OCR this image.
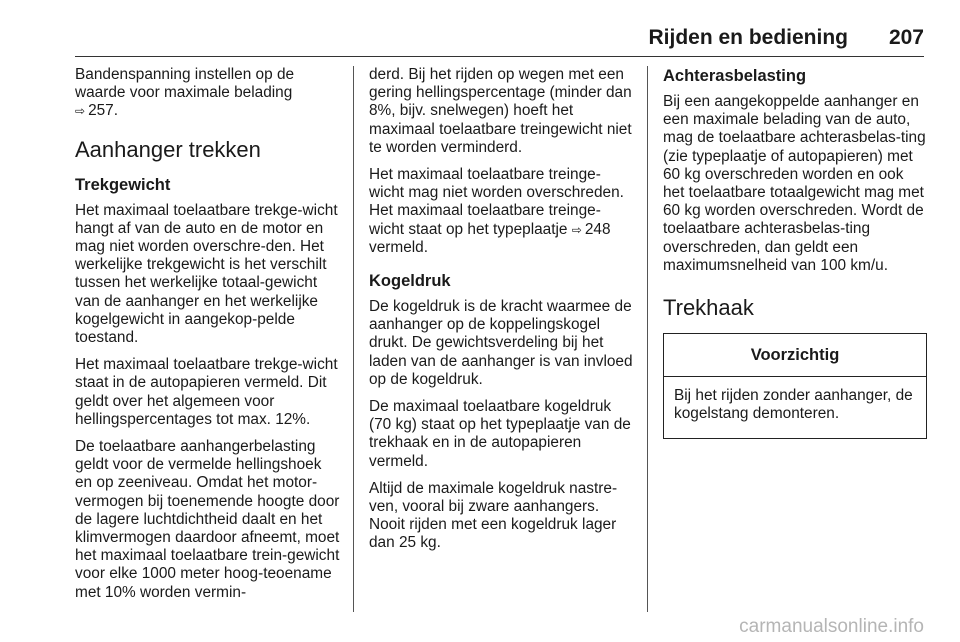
Rijden en bediening 207

Bandenspanning instellen op de
waarde voor maximale belading
⇨ 257.

Aanhanger trekken
Trekgewicht

Het maximaal toelaatbare trekge-wicht hangt af van de auto en de motor en mag niet worden overschre-den. Het werkelijke trekgewicht is het verschilt tussen het werkelijke totaal-gewicht van de aanhanger en het werkelijke kogelgewicht in aangekop-pelde toestand.

Het maximaal toelaatbare trekge-wicht staat in de autopapieren vermeld. Dit geldt over het algemeen voor hellingspercentages tot max. 12%.

De toelaatbare aanhangerbelasting geldt voor de vermelde hellingshoek en op zeeniveau. Omdat het motor-vermogen bij toenemende hoogte door de lagere luchtdichtheid daalt en het klimvermogen daardoor afneemt, moet het maximaal toelaatbare trein-gewicht voor elke 1000 meter hoog-teoename met 10% worden vermin-

derd. Bij het rijden op wegen met een gering hellingspercentage (minder dan 8%, bijv. snelwegen) hoeft het maximaal toelaatbare treingewicht niet te worden verminderd.

Het maximaal toelaatbare treinge-wicht mag niet worden overschreden. Het maximaal toelaatbare treinge-wicht staat op het typeplaatje ⇨ 248 vermeld.

Kogeldruk

De kogeldruk is de kracht waarmee de aanhanger op de koppelingskogel drukt. De gewichtsverdeling bij het laden van de aanhanger is van invloed op de kogeldruk.

De maximaal toelaatbare kogeldruk (70 kg) staat op het typeplaatje van de trekhaak en in de autopapieren vermeld.

Altijd de maximale kogeldruk nastre-ven, vooral bij zware aanhangers. Nooit rijden met een kogeldruk lager dan 25 kg.

Achterasbelasting

Bij een aangekoppelde aanhanger en een maximale belading van de auto, mag de toelaatbare achterasbelas-ting (zie typeplaatje of autopapieren) met 60 kg overschreden worden en ook het toelaatbare totaalgewicht mag met 60 kg worden overschreden. Wordt de toelaatbare achterasbelas-ting overschreden, dan geldt een maximumsnelheid van 100 km/u.

Trekhaak
Voorzichtig
Bij het rijden zonder aanhanger, de kogelstang demonteren.
carmanualsonline.info
